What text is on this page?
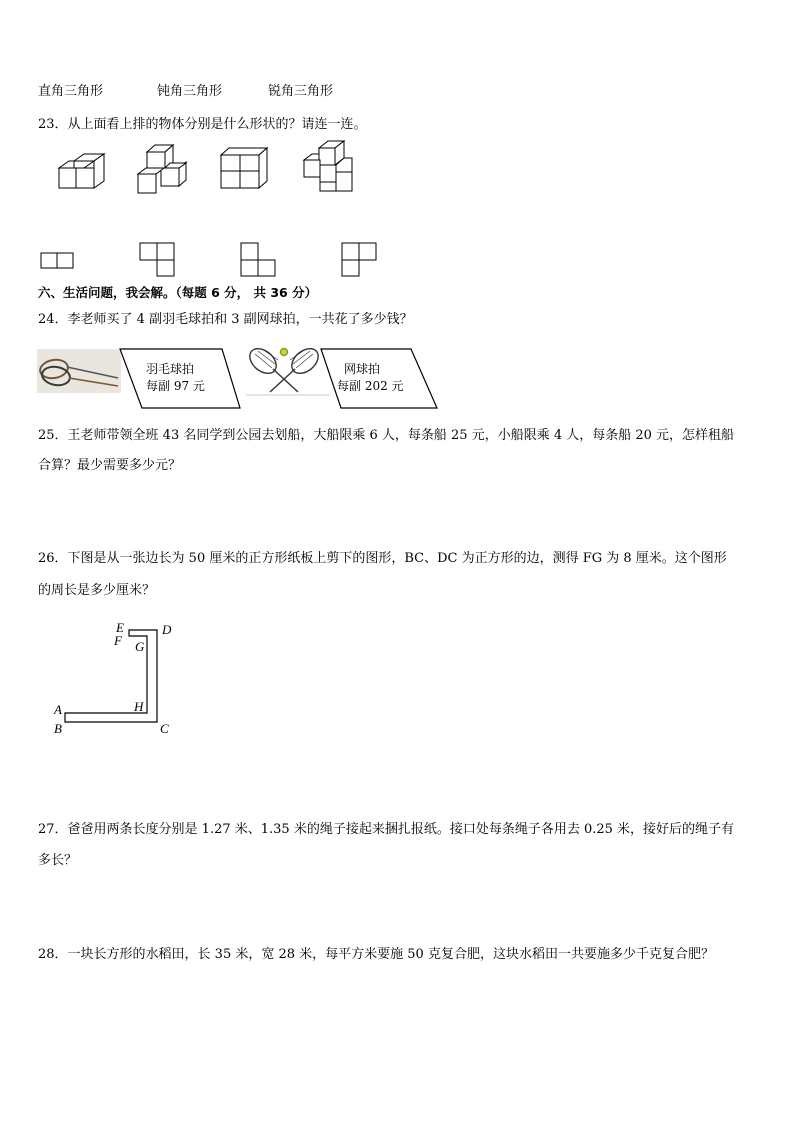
直角三角形	钝角三角形	锐角三角形
23．从上面看上排的物体分别是什么形状的？请连一连。
六、生活问题，我会解。（每题 6 分， 共 36 分）
24．李老师买了 4 副羽毛球拍和 3 副网球拍，一共花了多少钱？
羽毛球拍
每副 97 元
网球拍
每副 202 元
25．王老师带领全班 43 名同学到公园去划船，大船限乘 6 人，每条船 25 元，小船限乘 4 人，每条船 20 元，怎样租船
合算？最少需要多少元？
26．下图是从一张边长为 50 厘米的正方形纸板上剪下的图形，BC、DC 为正方形的边，测得 FG 为 8 厘米。这个图形
的周长是多少厘米？
A
B	C
D
E
F G
H
27．爸爸用两条长度分别是 1.27 米、1.35 米的绳子接起来捆扎报纸。接口处每条绳子各用去 0.25 米，接好后的绳子有
多长？
28．一块长方形的水稻田，长 35 米，宽 28 米，每平方米要施 50 克复合肥，这块水稻田一共要施多少千克复合肥？
